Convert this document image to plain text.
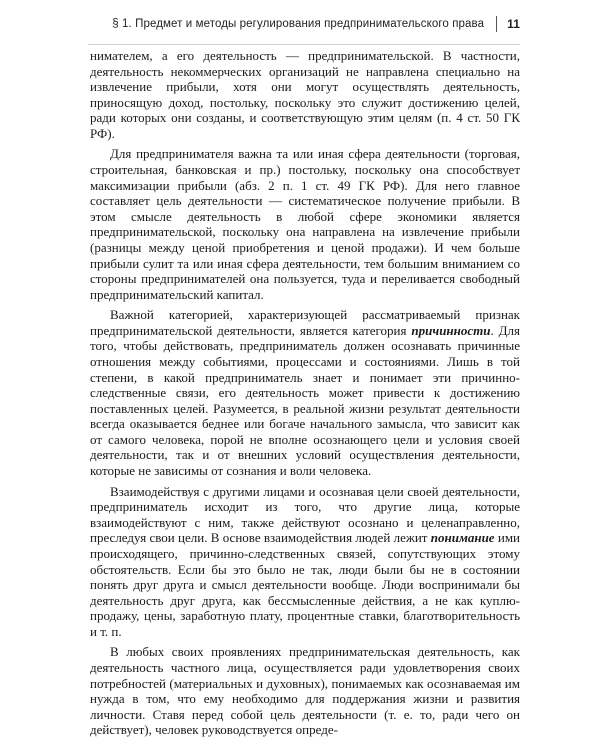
§ 1. Предмет и методы регулирования предпринимательского права 11

нимателем, а его деятельность — предпринимательской. В частности, деятельность некоммерческих организаций не направлена специально на извлечение прибыли, хотя они могут осуществлять деятельность, приносящую доход, постольку, поскольку это служит достижению целей, ради которых они созданы, и соответствующую этим целям (п. 4 ст. 50 ГК РФ).

Для предпринимателя важна та или иная сфера деятельности (торговая, строительная, банковская и пр.) постольку, поскольку она способствует максимизации прибыли (абз. 2 п. 1 ст. 49 ГК РФ). Для него главное составляет цель деятельности — систематическое получение прибыли. В этом смысле деятельность в любой сфере экономики является предпринимательской, поскольку она направлена на извлечение прибыли (разницы между ценой приобретения и ценой продажи). И чем больше прибыли сулит та или иная сфера деятельности, тем большим вниманием со стороны предпринимателей она пользуется, туда и переливается свободный предпринимательский капитал.

Важной категорией, характеризующей рассматриваемый признак предпринимательской деятельности, является категория причинности. Для того, чтобы действовать, предприниматель должен осознавать причинные отношения между событиями, процессами и состояниями. Лишь в той степени, в какой предприниматель знает и понимает эти причинно-следственные связи, его деятельность может привести к достижению поставленных целей. Разумеется, в реальной жизни результат деятельности всегда оказывается беднее или богаче начального замысла, что зависит как от самого человека, порой не вполне осознающего цели и условия своей деятельности, так и от внешних условий осуществления деятельности, которые не зависимы от сознания и воли человека.

Взаимодействуя с другими лицами и осознавая цели своей деятельности, предприниматель исходит из того, что другие лица, которые взаимодействуют с ним, также действуют осознано и целенаправленно, преследуя свои цели. В основе взаимодействия людей лежит понимание ими происходящего, причинно-следственных связей, сопутствующих этому обстоятельств. Если бы это было не так, люди были бы не в состоянии понять друг друга и смысл деятельности вообще. Люди воспринимали бы деятельность друг друга, как бессмысленные действия, а не как куплю-продажу, цены, заработную плату, процентные ставки, благотворительность и т. п.

В любых своих проявлениях предпринимательская деятельность, как деятельность частного лица, осуществляется ради удовлетворения своих потребностей (материальных и духовных), понимаемых как осознаваемая им нужда в том, что ему необходимо для поддержания жизни и развития личности. Ставя перед собой цель деятельности (т. е. то, ради чего он действует), человек руководствуется опреде-
